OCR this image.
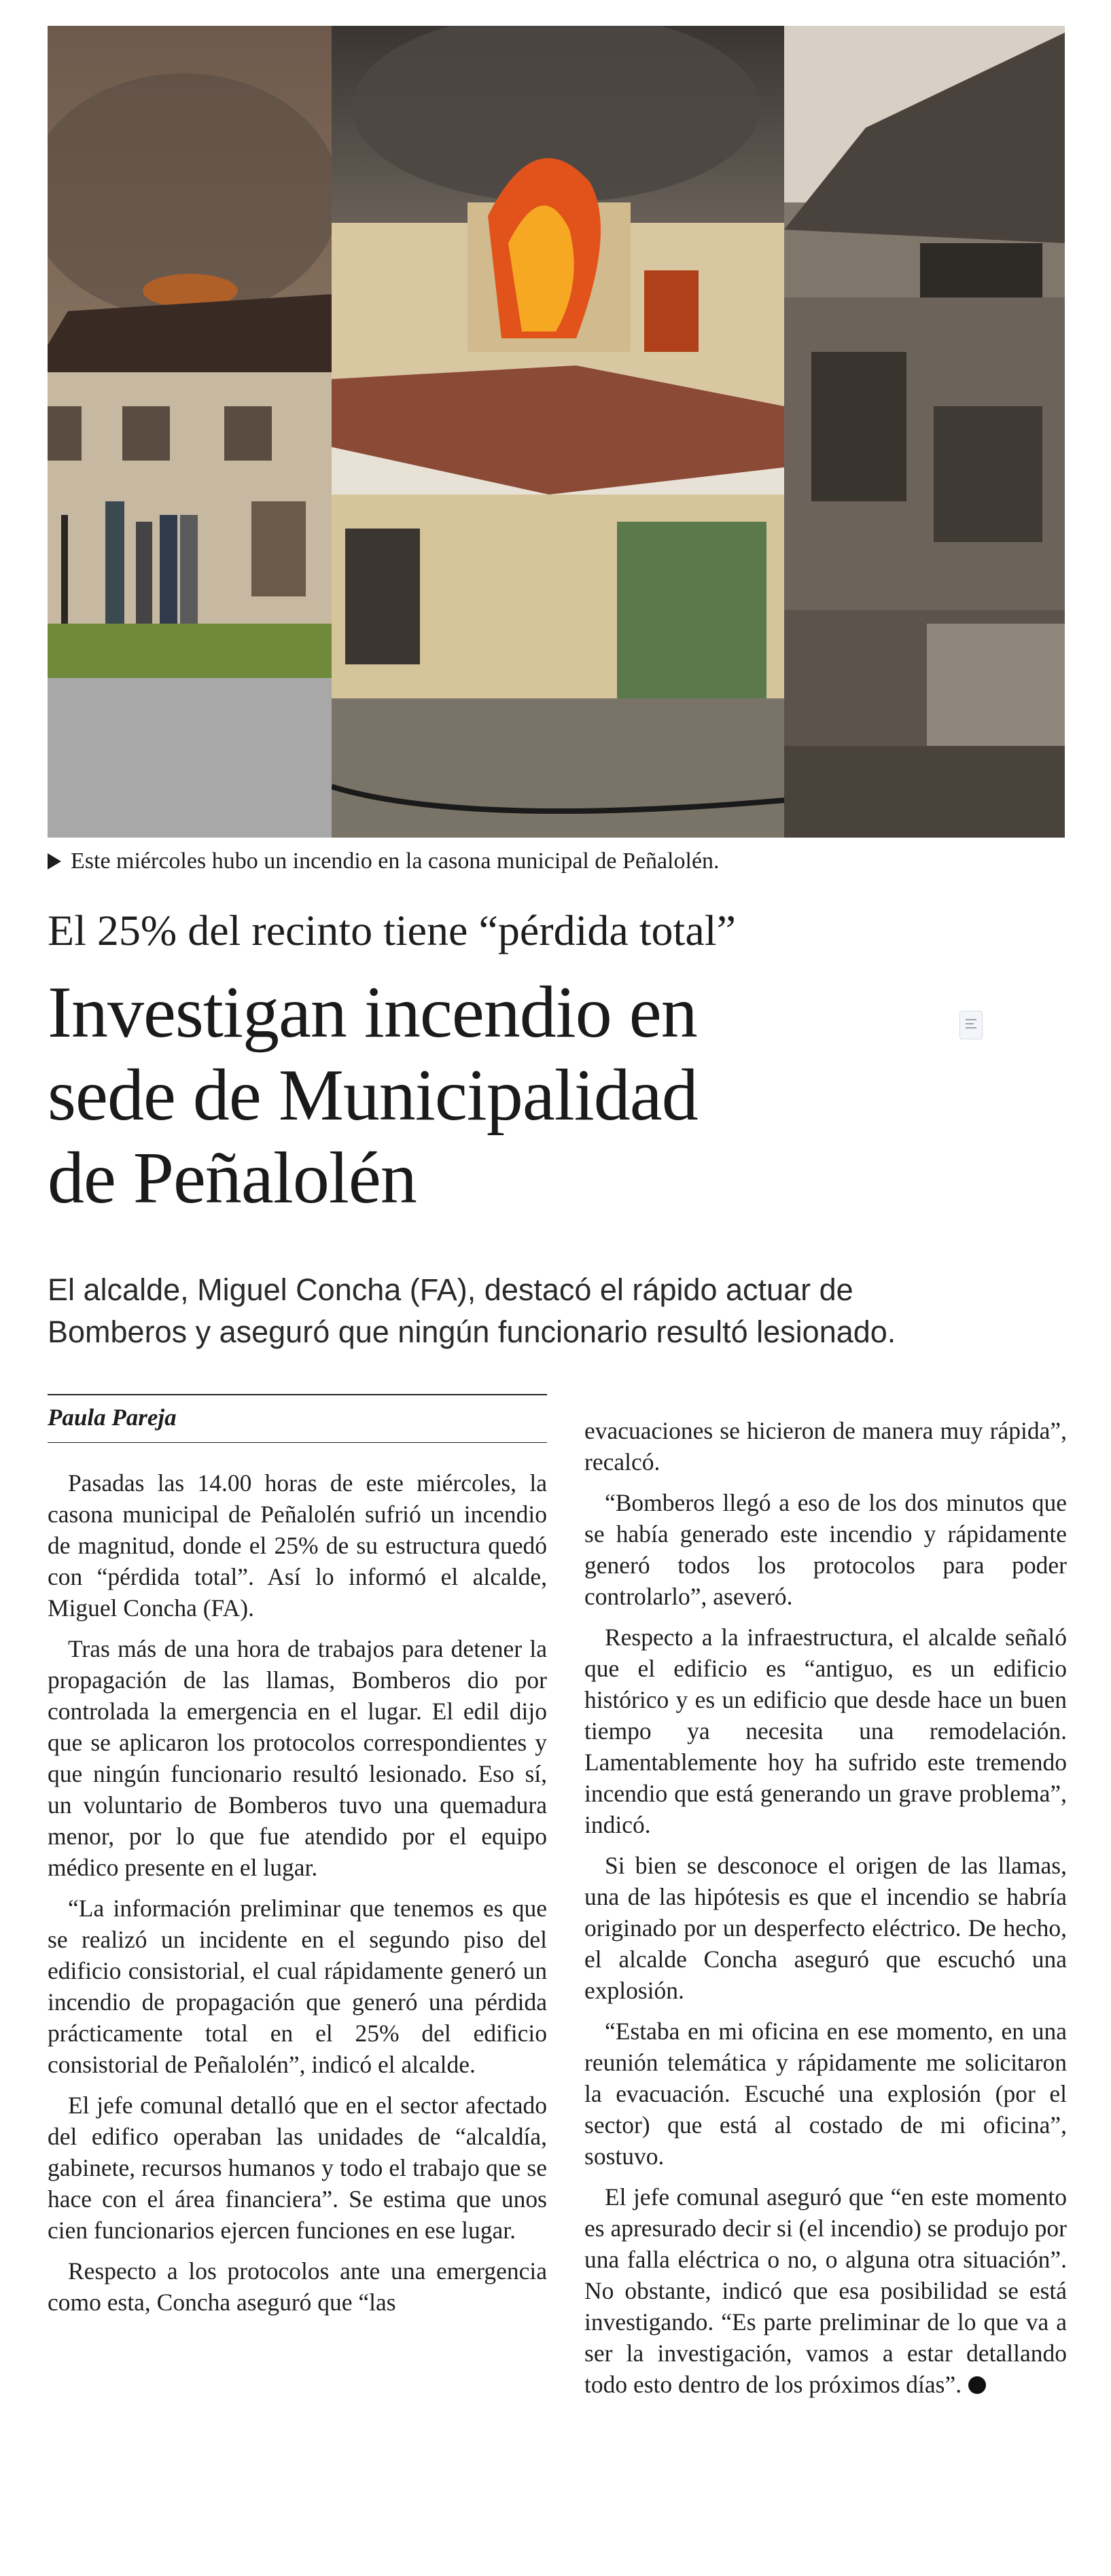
Este miércoles hubo un incendio en la casona municipal de Peñalolén.
El 25% del recinto tiene “pérdida total”
Investigan incendio en
sede de Municipalidad
de Peñalolén
El alcalde, Miguel Concha (FA), destacó el rápido actuar de
Bomberos y aseguró que ningún funcionario resultó lesionado.
Paula Pareja

Pasadas las 14.00 horas de este miércoles, la casona municipal de Peñalolén sufrió un incendio de magnitud, donde el 25% de su estructura quedó con “pérdida total”. Así lo informó el alcalde, Miguel Concha (FA).

Tras más de una hora de trabajos para detener la propagación de las llamas, Bomberos dio por controlada la emergencia en el lugar. El edil dijo que se aplicaron los protocolos correspondientes y que ningún funcionario resultó lesionado. Eso sí, un voluntario de Bomberos tuvo una quemadura menor, por lo que fue atendido por el equipo médico presente en el lugar.

“La información preliminar que tenemos es que se realizó un incidente en el segundo piso del edificio consistorial, el cual rápidamente generó un incendio de propagación que generó una pérdida prácticamente total en el 25% del edificio consistorial de Peñalolén”, indicó el alcalde.

El jefe comunal detalló que en el sector afectado del edifico operaban las unidades de “alcaldía, gabinete, recursos humanos y todo el trabajo que se hace con el área financiera”. Se estima que unos cien funcionarios ejercen funciones en ese lugar.

Respecto a los protocolos ante una emergencia como esta, Concha aseguró que “las

evacuaciones se hicieron de manera muy rápida”, recalcó.

“Bomberos llegó a eso de los dos minutos que se había generado este incendio y rápidamente generó todos los protocolos para poder controlarlo”, aseveró.

Respecto a la infraestructura, el alcalde señaló que el edificio es “antiguo, es un edificio histórico y es un edificio que desde hace un buen tiempo ya necesita una remodelación. Lamentablemente hoy ha sufrido este tremendo incendio que está generando un grave problema”, indicó.

Si bien se desconoce el origen de las llamas, una de las hipótesis es que el incendio se habría originado por un desperfecto eléctrico. De hecho, el alcalde Concha aseguró que escuchó una explosión.

“Estaba en mi oficina en ese momento, en una reunión telemática y rápidamente me solicitaron la evacuación. Escuché una explosión (por el sector) que está al costado de mi oficina”, sostuvo.

El jefe comunal aseguró que “en este momento es apresurado decir si (el incendio) se produjo por una falla eléctrica o no, o alguna otra situación”. No obstante, indicó que esa posibilidad se está investigando. “Es parte preliminar de lo que va a ser la investigación, vamos a estar detallando todo esto dentro de los próximos días”.
